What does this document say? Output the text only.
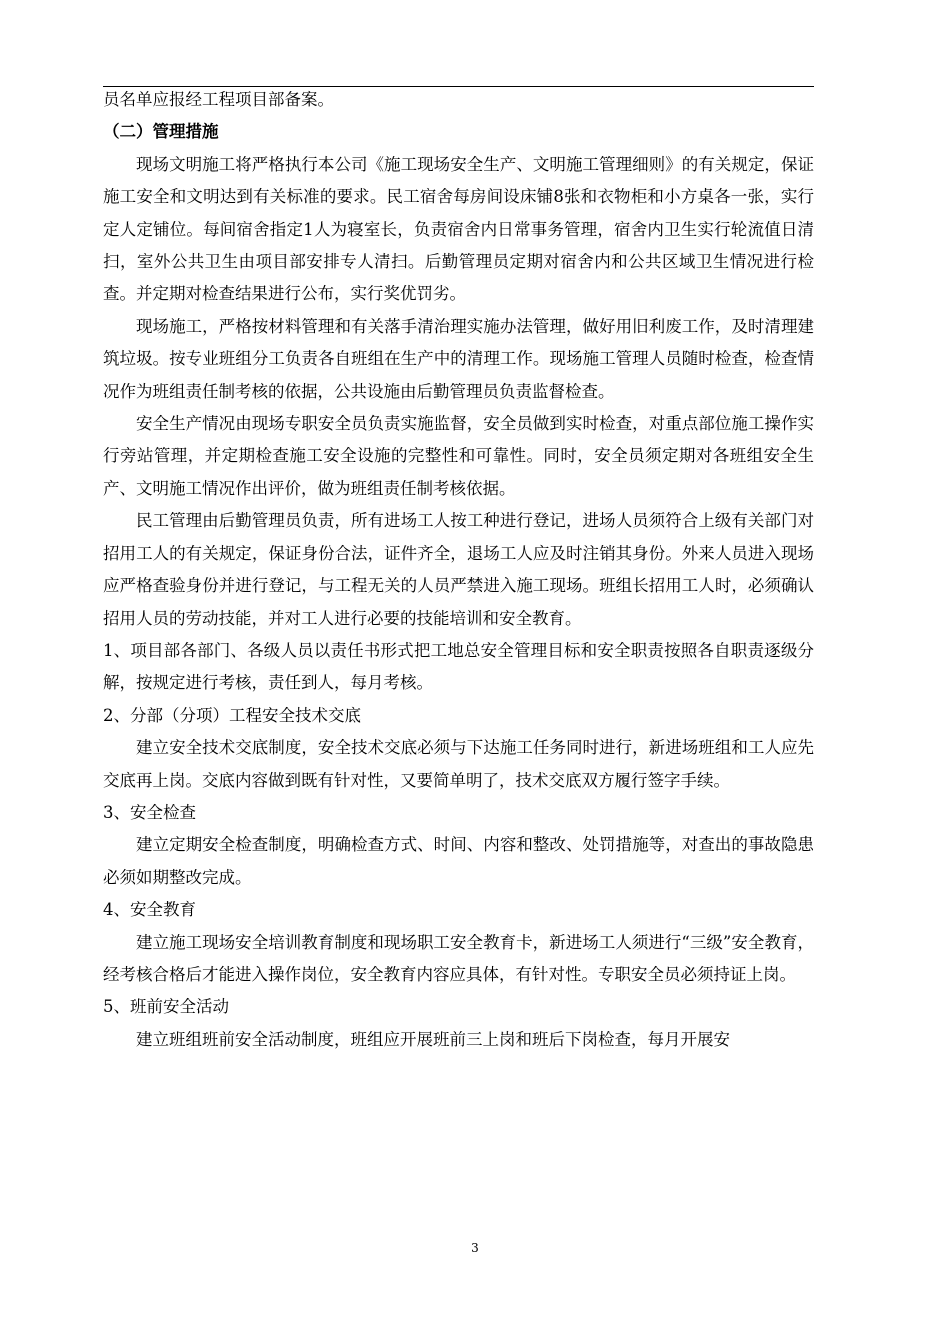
员名单应报经工程项目部备案。

（二）管理措施

现场文明施工将严格执行本公司《施工现场安全生产、文明施工管理细则》的有关规定，保证施工安全和文明达到有关标准的要求。民工宿舍每房间设床铺8张和衣物柜和小方桌各一张，实行定人定铺位。每间宿舍指定1人为寝室长，负责宿舍内日常事务管理，宿舍内卫生实行轮流值日清扫，室外公共卫生由项目部安排专人清扫。后勤管理员定期对宿舍内和公共区域卫生情况进行检查。并定期对检查结果进行公布，实行奖优罚劣。

现场施工，严格按材料管理和有关落手清治理实施办法管理，做好用旧利废工作，及时清理建筑垃圾。按专业班组分工负责各自班组在生产中的清理工作。现场施工管理人员随时检查，检查情况作为班组责任制考核的依据，公共设施由后勤管理员负责监督检查。

安全生产情况由现场专职安全员负责实施监督，安全员做到实时检查，对重点部位施工操作实行旁站管理，并定期检查施工安全设施的完整性和可靠性。同时，安全员须定期对各班组安全生产、文明施工情况作出评价，做为班组责任制考核依据。

民工管理由后勤管理员负责，所有进场工人按工种进行登记，进场人员须符合上级有关部门对招用工人的有关规定，保证身份合法，证件齐全，退场工人应及时注销其身份。外来人员进入现场应严格查验身份并进行登记，与工程无关的人员严禁进入施工现场。班组长招用工人时，必须确认招用人员的劳动技能，并对工人进行必要的技能培训和安全教育。

1、项目部各部门、各级人员以责任书形式把工地总安全管理目标和安全职责按照各自职责逐级分解，按规定进行考核，责任到人，每月考核。

2、分部（分项）工程安全技术交底

建立安全技术交底制度，安全技术交底必须与下达施工任务同时进行，新进场班组和工人应先交底再上岗。交底内容做到既有针对性，又要简单明了，技术交底双方履行签字手续。

3、安全检查

建立定期安全检查制度，明确检查方式、时间、内容和整改、处罚措施等，对查出的事故隐患必须如期整改完成。

4、安全教育

建立施工现场安全培训教育制度和现场职工安全教育卡，新进场工人须进行“三级”安全教育，经考核合格后才能进入操作岗位，安全教育内容应具体，有针对性。专职安全员必须持证上岗。

5、班前安全活动

建立班组班前安全活动制度，班组应开展班前三上岗和班后下岗检查，每月开展安

3
